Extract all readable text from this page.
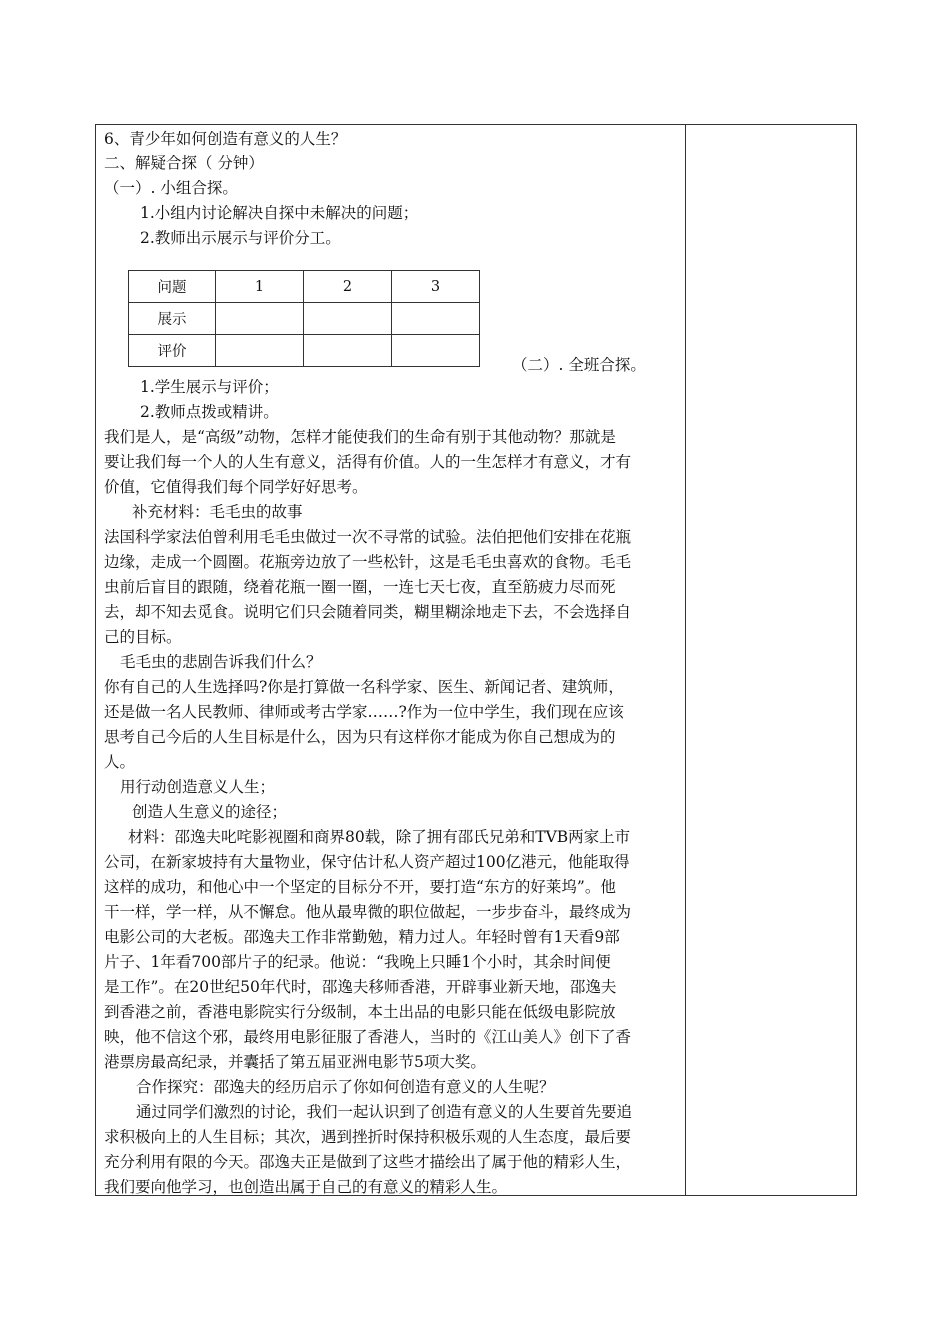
6、青少年如何创造有意义的人生？
二、解疑合探（ 分钟）
（一）. 小组合探。
1.小组内讨论解决自探中未解决的问题；
2.教师出示展示与评价分工。
1.学生展示与评价；
2.教师点拨或精讲。
我们是人，是“高级”动物，怎样才能使我们的生命有别于其他动物？那就是
要让我们每一个人的人生有意义，活得有价值。人的一生怎样才有意义，才有
价值，它值得我们每个同学好好思考。
补充材料：毛毛虫的故事
法国科学家法伯曾利用毛毛虫做过一次不寻常的试验。法伯把他们安排在花瓶
边缘，走成一个圆圈。花瓶旁边放了一些松针，这是毛毛虫喜欢的食物。毛毛
虫前后盲目的跟随，绕着花瓶一圈一圈，一连七天七夜，直至筋疲力尽而死
去，却不知去觅食。说明它们只会随着同类，糊里糊涂地走下去，不会选择自
己的目标。
毛毛虫的悲剧告诉我们什么？
你有自己的人生选择吗?你是打算做一名科学家、医生、新闻记者、建筑师，
还是做一名人民教师、律师或考古学家……?作为一位中学生，我们现在应该
思考自己今后的人生目标是什么，因为只有这样你才能成为你自己想成为的
人。
用行动创造意义人生；
创造人生意义的途径；
材料：邵逸夫叱咤影视圈和商界80载，除了拥有邵氏兄弟和TVB两家上市
公司，在新家坡持有大量物业，保守估计私人资产超过100亿港元，他能取得
这样的成功，和他心中一个坚定的目标分不开，要打造“东方的好莱坞”。他
干一样，学一样，从不懈怠。他从最卑微的职位做起，一步步奋斗，最终成为
电影公司的大老板。邵逸夫工作非常勤勉，精力过人。年轻时曾有1天看9部
片子、1年看700部片子的纪录。他说：“我晚上只睡1个小时，其余时间便
是工作”。在20世纪50年代时，邵逸夫移师香港，开辟事业新天地，邵逸夫
到香港之前，香港电影院实行分级制，本土出品的电影只能在低级电影院放
映，他不信这个邪，最终用电影征服了香港人，当时的《江山美人》创下了香
港票房最高纪录，并囊括了第五届亚洲电影节5项大奖。
合作探究：邵逸夫的经历启示了你如何创造有意义的人生呢？
通过同学们激烈的讨论，我们一起认识到了创造有意义的人生要首先要追
求积极向上的人生目标；其次，遇到挫折时保持积极乐观的人生态度，最后要
充分利用有限的今天。邵逸夫正是做到了这些才描绘出了属于他的精彩人生，
我们要向他学习，也创造出属于自己的有意义的精彩人生。
问题	1	2	3
展示			
评价			
（二）. 全班合探。
